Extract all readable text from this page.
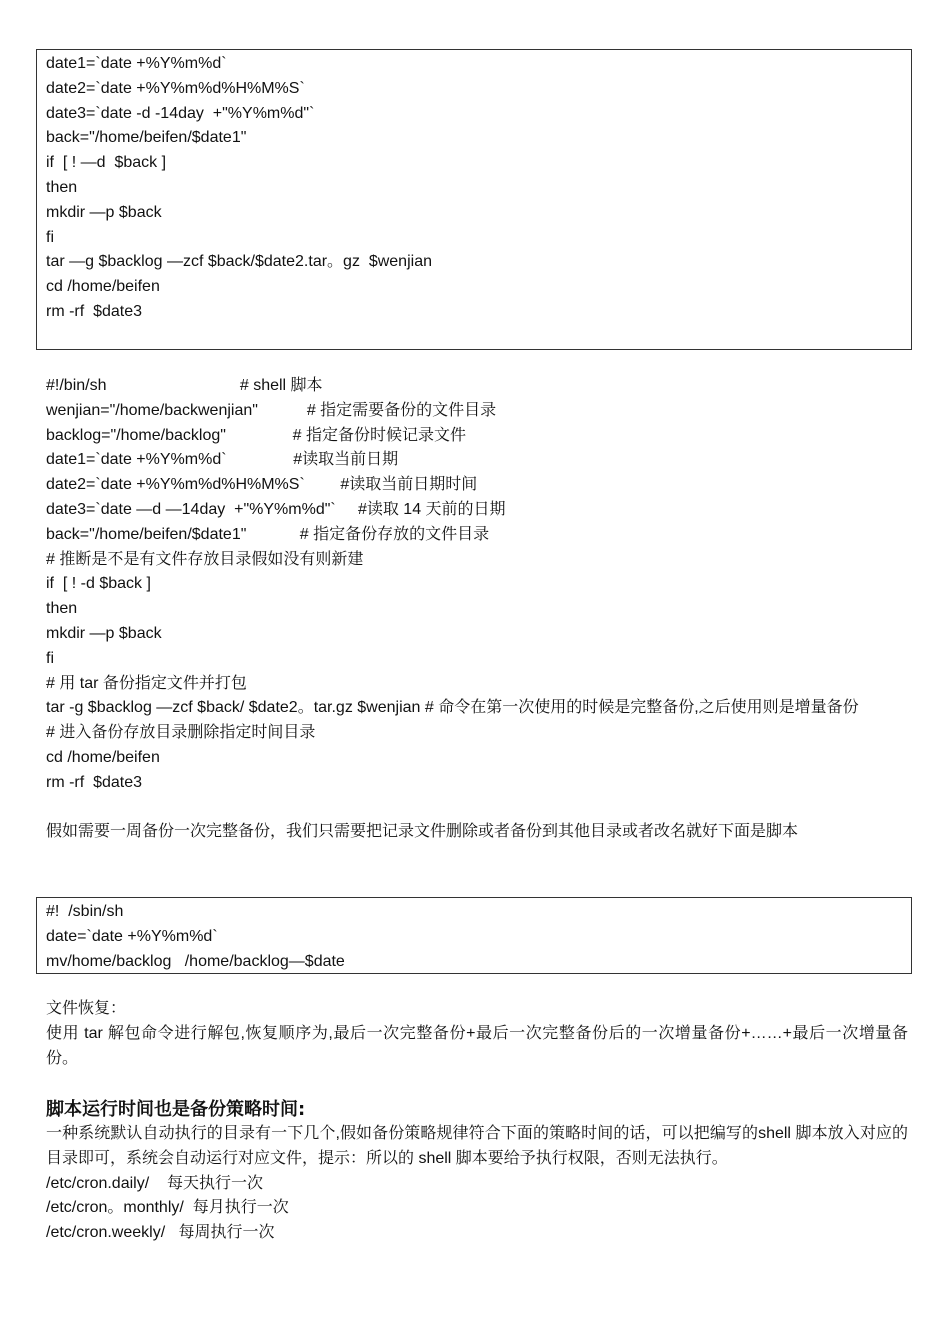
date1=`date +%Y%m%d`
date2=`date +%Y%m%d%H%M%S`
date3=`date -d -14day  +"%Y%m%d"`
back="/home/beifen/$date1"
if  [ ! —d  $back ]
then
mkdir —p $back
fi
tar —g $backlog —zcf $back/$date2.tar。gz  $wenjian
cd /home/beifen
rm -rf  $date3
#!/bin/sh                              # shell 脚本
wenjian="/home/backwenjian"           # 指定需要备份的文件目录
backlog="/home/backlog"               # 指定备份时候记录文件
date1=`date +%Y%m%d`               #读取当前日期
date2=`date +%Y%m%d%H%M%S`        #读取当前日期时间
date3=`date —d —14day  +"%Y%m%d"`     #读取 14 天前的日期
back="/home/beifen/$date1"            # 指定备份存放的文件目录
# 推断是不是有文件存放目录假如没有则新建
if  [ ! -d $back ]
then
mkdir —p $back
fi
# 用 tar 备份指定文件并打包
tar -g $backlog —zcf $back/ $date2。tar.gz $wenjian # 命令在第一次使用的时候是完整备份,之后使用则是增量备份
# 进入备份存放目录删除指定时间目录
cd /home/beifen
rm -rf  $date3
假如需要一周备份一次完整备份，我们只需要把记录文件删除或者备份到其他目录或者改名就好下面是脚本
#!  /sbin/sh
date=`date +%Y%m%d`
mv/home/backlog   /home/backlog—$date
文件恢复：
使用 tar 解包命令进行解包,恢复顺序为,最后一次完整备份+最后一次完整备份后的一次增量备份+……+最后一次增量备份。
脚本运行时间也是备份策略时间:
一种系统默认自动执行的目录有一下几个,假如备份策略规律符合下面的策略时间的话，可以把编写的shell 脚本放入对应的目录即可，系统会自动运行对应文件，提示：所以的 shell 脚本要给予执行权限，否则无法执行。
/etc/cron.daily/    每天执行一次
/etc/cron。monthly/  每月执行一次
/etc/cron.weekly/   每周执行一次
